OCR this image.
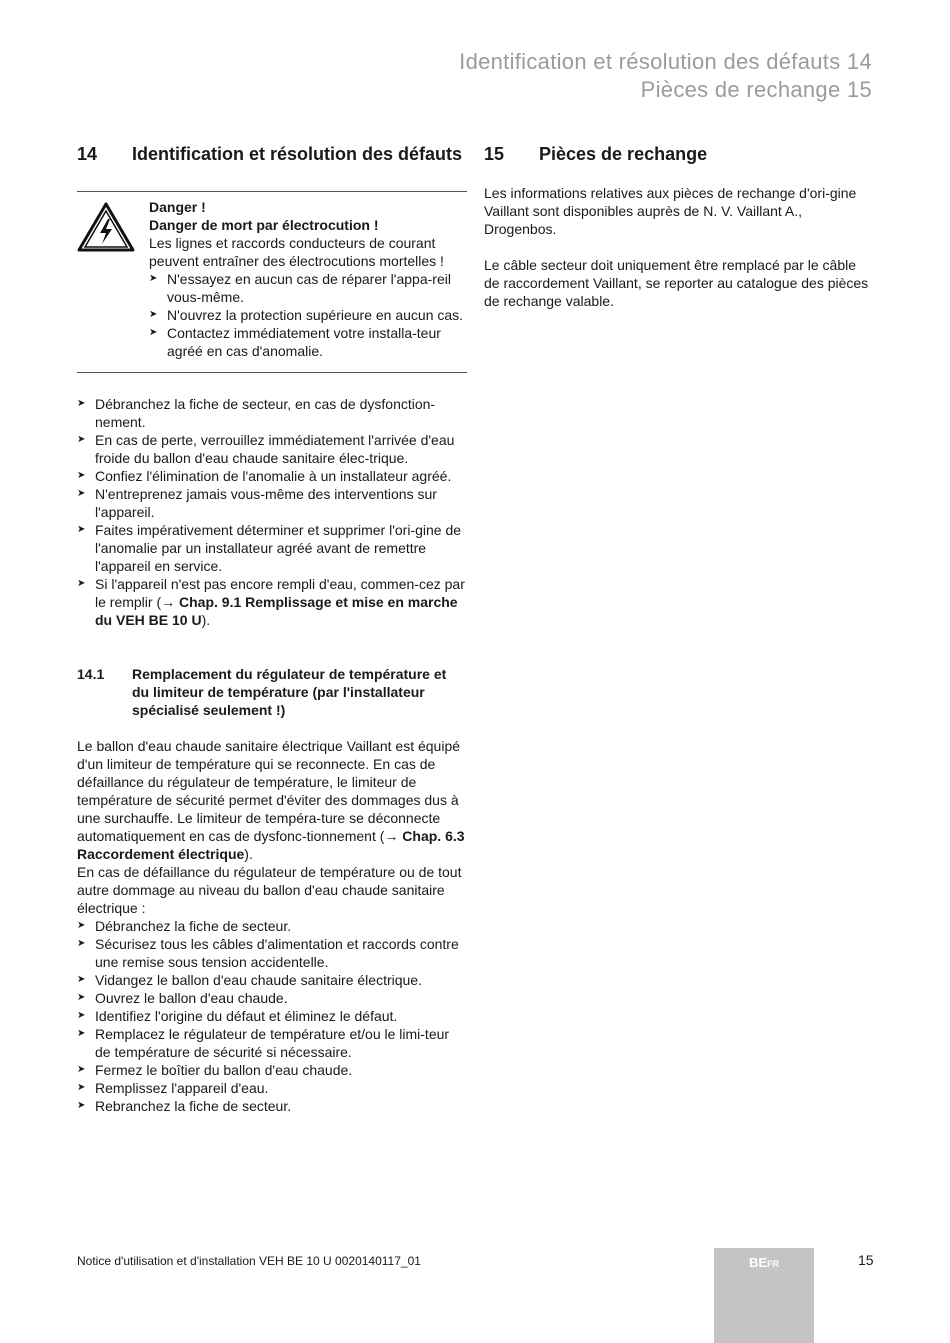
Identification et résolution des défauts 14
Pièces de rechange 15
14	Identification et résolution des défauts
Danger !
Danger de mort par électrocution !
Les lignes et raccords conducteurs de courant peuvent entraîner des électrocutions mortelles !
➤ N'essayez en aucun cas de réparer l'appa-reil vous-même.
➤ N'ouvrez la protection supérieure en aucun cas.
➤ Contactez immédiatement votre installa-teur agréé en cas d'anomalie.
➤ Débranchez la fiche de secteur, en cas de dysfonction-nement.
➤ En cas de perte, verrouillez immédiatement l'arrivée d'eau froide du ballon d'eau chaude sanitaire élec-trique.
➤ Confiez l'élimination de l'anomalie à un installateur agréé.
➤ N'entreprenez jamais vous-même des interventions sur l'appareil.
➤ Faites impérativement déterminer et supprimer l'ori-gine de l'anomalie par un installateur agréé avant de remettre l'appareil en service.
➤ Si l'appareil n'est pas encore rempli d'eau, commen-cez par le remplir (→ Chap. 9.1 Remplissage et mise en marche du VEH BE 10 U).
14.1	Remplacement du régulateur de température et du limiteur de température (par l'installateur spécialisé seulement !)

Le ballon d'eau chaude sanitaire électrique Vaillant est équipé d'un limiteur de température qui se reconnecte. En cas de défaillance du régulateur de température, le limiteur de température de sécurité permet d'éviter des dommages dus à une surchauffe. Le limiteur de tempéra-ture se déconnecte automatiquement en cas de dysfonc-tionnement (→ Chap. 6.3 Raccordement électrique).

En cas de défaillance du régulateur de température ou de tout autre dommage au niveau du ballon d'eau chaude sanitaire électrique :

➤ Débranchez la fiche de secteur.
➤ Sécurisez tous les câbles d'alimentation et raccords contre une remise sous tension accidentelle.
➤ Vidangez le ballon d'eau chaude sanitaire électrique.
➤ Ouvrez le ballon d'eau chaude.
➤ Identifiez l'origine du défaut et éliminez le défaut.
➤ Remplacez le régulateur de température et/ou le limi-teur de température de sécurité si nécessaire.
➤ Fermez le boîtier du ballon d'eau chaude.
➤ Remplissez l'appareil d'eau.
➤ Rebranchez la fiche de secteur.
15	Pièces de rechange

Les informations relatives aux pièces de rechange d'ori-gine Vaillant sont disponibles auprès de N. V. Vaillant A., Drogenbos.

Le câble secteur doit uniquement être remplacé par le câble de raccordement Vaillant, se reporter au catalogue des pièces de rechange valable.

Notice d'utilisation et d'installation VEH BE 10 U 0020140117_01	BEFR	15
